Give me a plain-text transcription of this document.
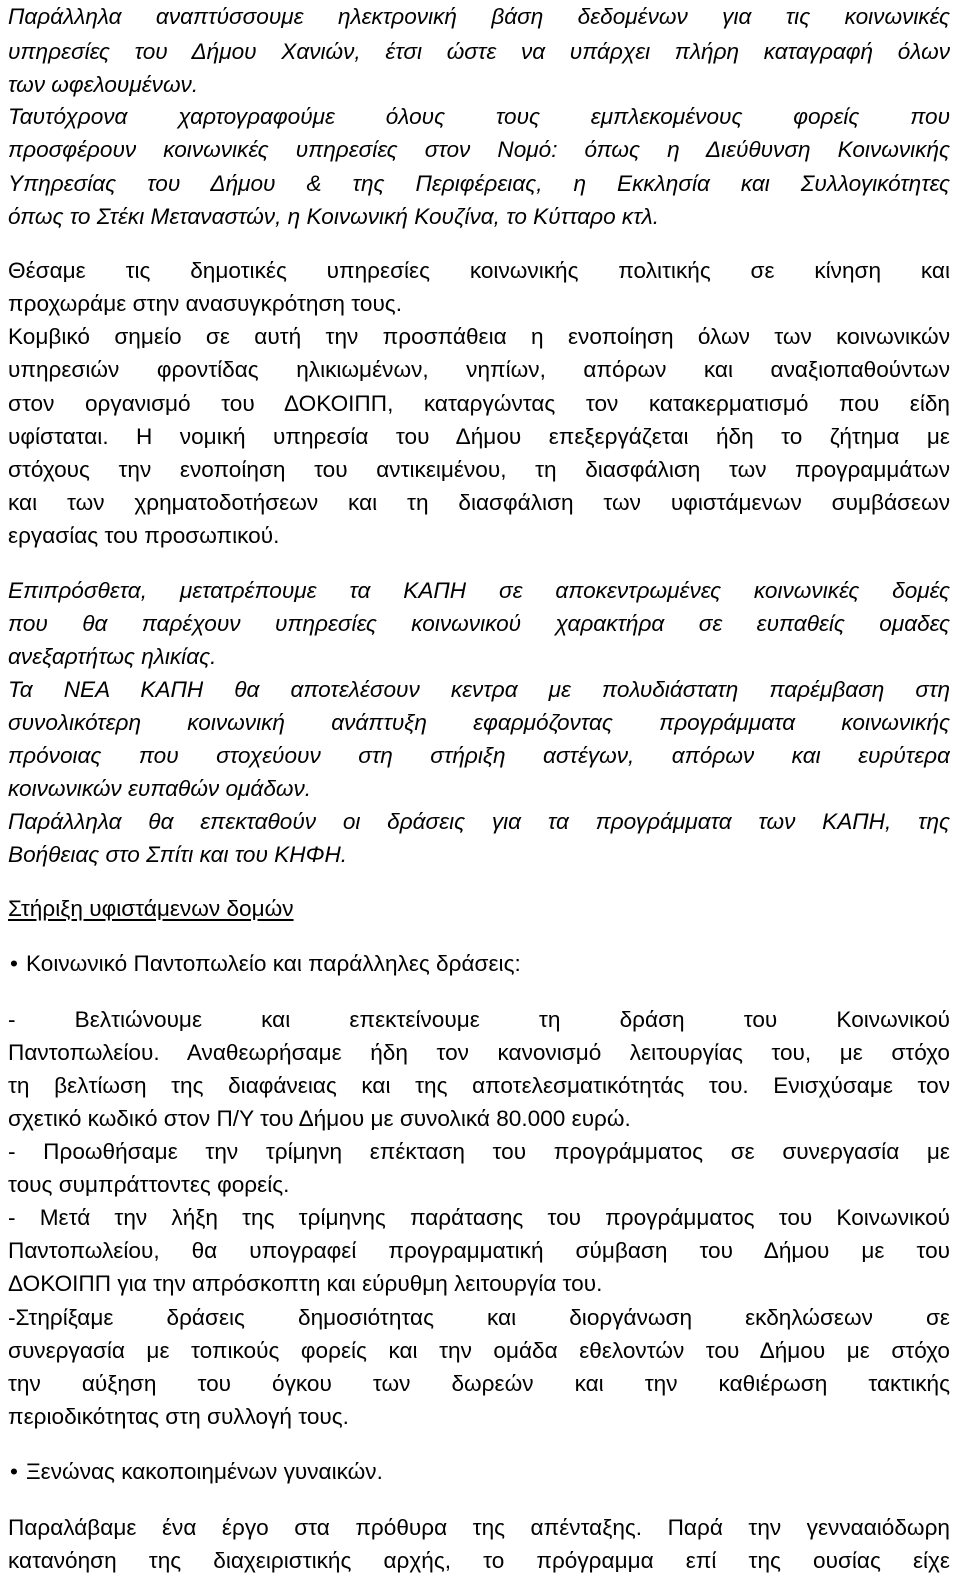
Παράλληλα αναπτύσσουμε ηλεκτρονική βάση δεδομένων για τις κοινωνικές
υπηρεσίες του Δήμου Χανιών, έτσι ώστε να υπάρχει πλήρη καταγραφή όλων
των ωφελουμένων.
Ταυτόχρονα χαρτογραφούμε όλους τους εμπλεκομένους φορείς που
προσφέρουν κοινωνικές υπηρεσίες στον Νομό: όπως η Διεύθυνση Κοινωνικής
Υπηρεσίας του Δήμου & της Περιφέρειας, η Εκκλησία και Συλλογικότητες
όπως το Στέκι Μεταναστών, η Κοινωνική Κουζίνα, το Κύτταρο κτλ.
Θέσαμε τις δημοτικές υπηρεσίες κοινωνικής πολιτικής σε κίνηση και
προχωράμε στην ανασυγκρότηση τους.
Κομβικό σημείο σε αυτή την προσπάθεια η ενοποίηση όλων των κοινωνικών
υπηρεσιών φροντίδας ηλικιωμένων, νηπίων, απόρων και αναξιοπαθούντων
στον οργανισμό του ΔΟΚΟΙΠΠ, καταργώντας τον κατακερματισμό που είδη
υφίσταται. Η νομική υπηρεσία του Δήμου επεξεργάζεται ήδη το ζήτημα με
στόχους την ενοποίηση του αντικειμένου, τη διασφάλιση των προγραμμάτων
και των χρηματοδοτήσεων και τη διασφάλιση των υφιστάμενων συμβάσεων
εργασίας του προσωπικού.
Επιπρόσθετα, μετατρέπουμε τα ΚΑΠΗ σε αποκεντρωμένες κοινωνικές δομές
που θα παρέχουν υπηρεσίες κοινωνικού χαρακτήρα σε ευπαθείς ομαδες
ανεξαρτήτως ηλικίας.
Τα ΝΕΑ ΚΑΠΗ θα αποτελέσουν κεντρα με πολυδιάστατη παρέμβαση στη
συνολικότερη κοινωνική ανάπτυξη εφαρμόζοντας προγράμματα κοινωνικής
πρόνοιας που στοχεύουν στη στήριξη αστέγων, απόρων και ευρύτερα
κοινωνικών ευπαθών ομάδων.
Παράλληλα θα επεκταθούν οι δράσεις για τα προγράμματα των ΚΑΠΗ, της
Βοήθειας στο Σπίτι και του ΚΗΦΗ.
Στήριξη υφιστάμενων δομών
• Κοινωνικό Παντοπωλείο και παράλληλες δράσεις:
- Βελτιώνουμε και επεκτείνουμε τη δράση του Κοινωνικού
Παντοπωλείου. Αναθεωρήσαμε ήδη τον κανονισμό λειτουργίας του, με στόχο
τη βελτίωση της διαφάνειας και της αποτελεσματικότητάς του. Ενισχύσαμε τον
σχετικό κωδικό στον Π/Υ του Δήμου με συνολικά 80.000 ευρώ.
- Προωθήσαμε την τρίμηνη επέκταση του προγράμματος σε συνεργασία με
τους συμπράττοντες φορείς.
- Μετά την λήξη της τρίμηνης παράτασης του προγράμματος του Κοινωνικού
Παντοπωλείου, θα υπογραφεί προγραμματική σύμβαση του Δήμου με του
ΔΟΚΟΙΠΠ για την απρόσκοπτη και εύρυθμη λειτουργία του.
-Στηρίξαμε δράσεις δημοσιότητας και διοργάνωση εκδηλώσεων σε
συνεργασία με τοπικούς φορείς και την ομάδα εθελοντών του Δήμου με στόχο
την αύξηση του όγκου των δωρεών και την καθιέρωση τακτικής
περιοδικότητας στη συλλογή τους.
• Ξενώνας κακοποιημένων γυναικών.
Παραλάβαμε ένα έργο στα πρόθυρα της απένταξης. Παρά την γεννααιόδωρη
κατανόηση της διαχειριστικής αρχής, το πρόγραμμα επί της ουσίας είχε
